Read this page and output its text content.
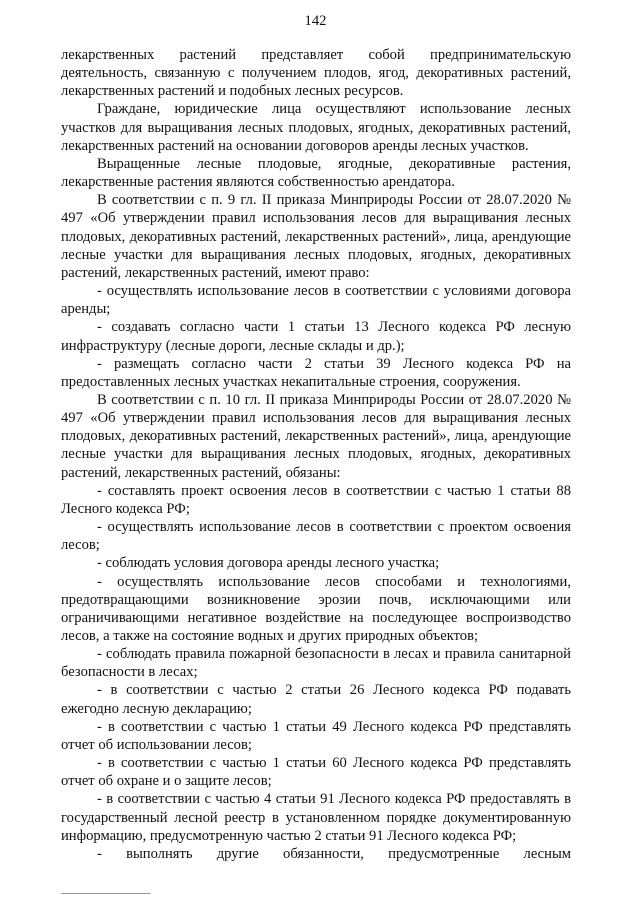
142

лекарственных растений представляет собой предпринимательскую деятельность, связанную с получением плодов, ягод, декоративных растений, лекарственных растений и подобных лесных ресурсов.

Граждане, юридические лица осуществляют использование лесных участков для выращивания лесных плодовых, ягодных, декоративных растений, лекарственных растений на основании договоров аренды лесных участков.

Выращенные лесные плодовые, ягодные, декоративные растения, лекарственные растения являются собственностью арендатора.

В соответствии с п. 9 гл. II приказа Минприроды России от 28.07.2020 № 497 «Об утверждении правил использования лесов для выращивания лесных плодовых, декоративных растений, лекарственных растений», лица, арендующие лесные участки для выращивания лесных плодовых, ягодных, декоративных растений, лекарственных растений, имеют право:

- осуществлять использование лесов в соответствии с условиями договора аренды;

- создавать согласно части 1 статьи 13 Лесного кодекса РФ лесную инфраструктуру (лесные дороги, лесные склады и др.);

- размещать согласно части 2 статьи 39 Лесного кодекса РФ на предоставленных лесных участках некапитальные строения, сооружения.

В соответствии с п. 10 гл. II приказа Минприроды России от 28.07.2020 № 497 «Об утверждении правил использования лесов для выращивания лесных плодовых, декоративных растений, лекарственных растений», лица, арендующие лесные участки для выращивания лесных плодовых, ягодных, декоративных растений, лекарственных растений, обязаны:

- составлять проект освоения лесов в соответствии с частью 1 статьи 88 Лесного кодекса РФ;

- осуществлять использование лесов в соответствии с проектом освоения лесов;

- соблюдать условия договора аренды лесного участка;

- осуществлять использование лесов способами и технологиями, предотвращающими возникновение эрозии почв, исключающими или ограничивающими негативное воздействие на последующее воспроизводство лесов, а также на состояние водных и других природных объектов;

- соблюдать правила пожарной безопасности в лесах и правила санитарной безопасности в лесах;

- в соответствии с частью 2 статьи 26 Лесного кодекса РФ подавать ежегодно лесную декларацию;

- в соответствии с частью 1 статьи 49 Лесного кодекса РФ представлять отчет об использовании лесов;

- в соответствии с частью 1 статьи 60 Лесного кодекса РФ представлять отчет об охране и о защите лесов;

- в соответствии с частью 4 статьи 91 Лесного кодекса РФ предоставлять в государственный лесной реестр в установленном порядке документированную информацию, предусмотренную частью 2 статьи 91 Лесного кодекса РФ;

- выполнять другие обязанности, предусмотренные лесным
